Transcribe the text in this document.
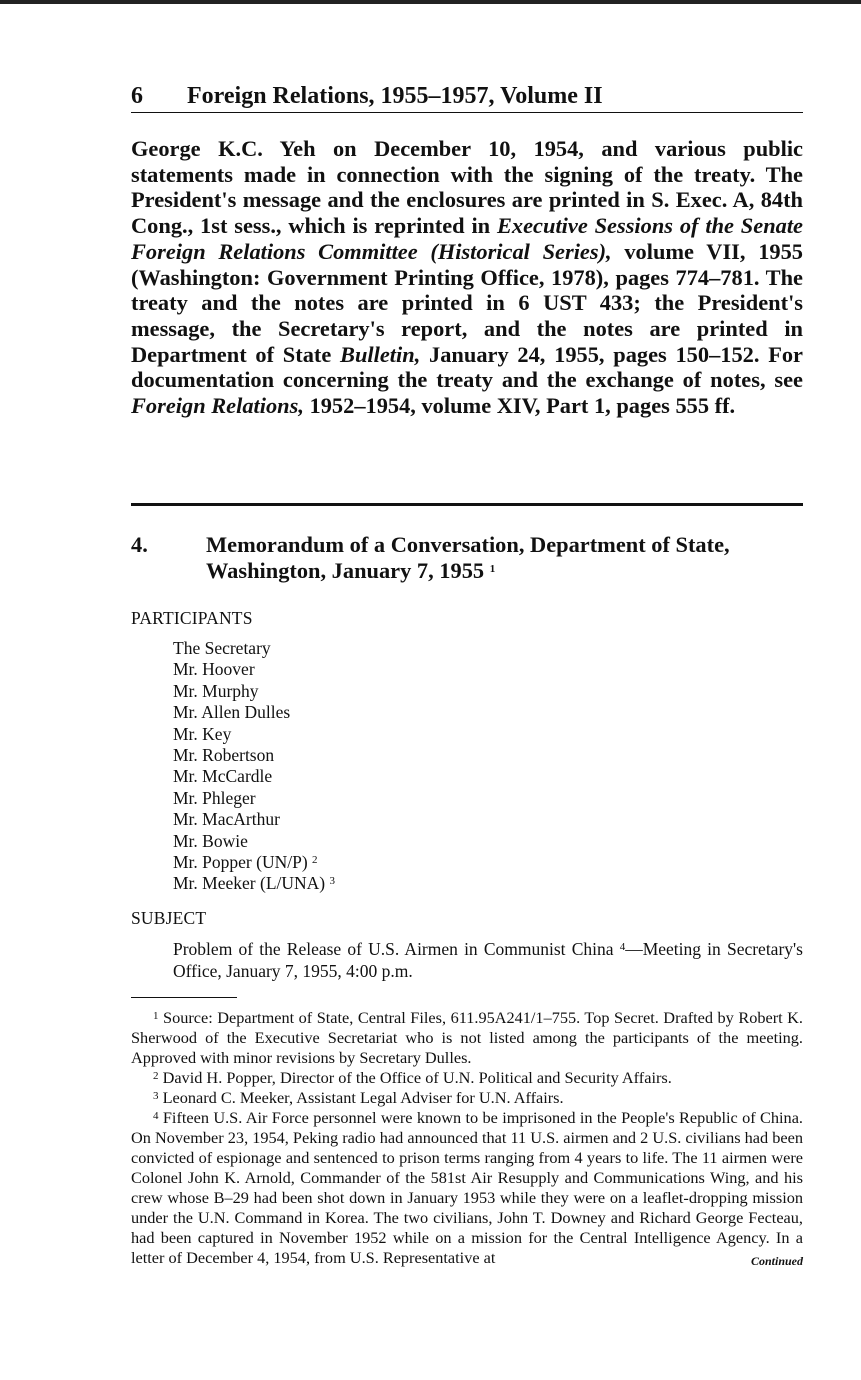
6 Foreign Relations, 1955–1957, Volume II

George K.C. Yeh on December 10, 1954, and various public statements made in connection with the signing of the treaty. The President's message and the enclosures are printed in S. Exec. A, 84th Cong., 1st sess., which is reprinted in Executive Sessions of the Senate Foreign Relations Committee (Historical Series), volume VII, 1955 (Washington: Government Printing Office, 1978), pages 774–781. The treaty and the notes are printed in 6 UST 433; the President's message, the Secretary's report, and the notes are printed in Department of State Bulletin, January 24, 1955, pages 150–152. For documentation concerning the treaty and the exchange of notes, see Foreign Relations, 1952–1954, volume XIV, Part 1, pages 555 ff.

4.	Memorandum of a Conversation, Department of State, Washington, January 7, 1955 $^1$
PARTICIPANTS
The Secretary
Mr. Hoover
Mr. Murphy
Mr. Allen Dulles
Mr. Key
Mr. Robertson
Mr. McCardle
Mr. Phleger
Mr. MacArthur
Mr. Bowie
Mr. Popper (UN/P) $^2$
Mr. Meeker (L/UNA) $^3$
SUBJECT

Problem of the Release of U.S. Airmen in Communist China $^4$—Meeting in Secretary's Office, January 7, 1955, 4:00 p.m.

$^1$ Source: Department of State, Central Files, 611.95A241/1–755. Top Secret. Drafted by Robert K. Sherwood of the Executive Secretariat who is not listed among the participants of the meeting. Approved with minor revisions by Secretary Dulles.

$^2$ David H. Popper, Director of the Office of U.N. Political and Security Affairs.

$^3$ Leonard C. Meeker, Assistant Legal Adviser for U.N. Affairs.

$^4$ Fifteen U.S. Air Force personnel were known to be imprisoned in the People's Republic of China. On November 23, 1954, Peking radio had announced that 11 U.S. airmen and 2 U.S. civilians had been convicted of espionage and sentenced to prison terms ranging from 4 years to life. The 11 airmen were Colonel John K. Arnold, Commander of the 581st Air Resupply and Communications Wing, and his crew whose B–29 had been shot down in January 1953 while they were on a leaflet-dropping mission under the U.N. Command in Korea. The two civilians, John T. Downey and Richard George Fecteau, had been captured in November 1952 while on a mission for the Central Intelligence Agency. In a letter of December 4, 1954, from U.S. Representative at	Continued
